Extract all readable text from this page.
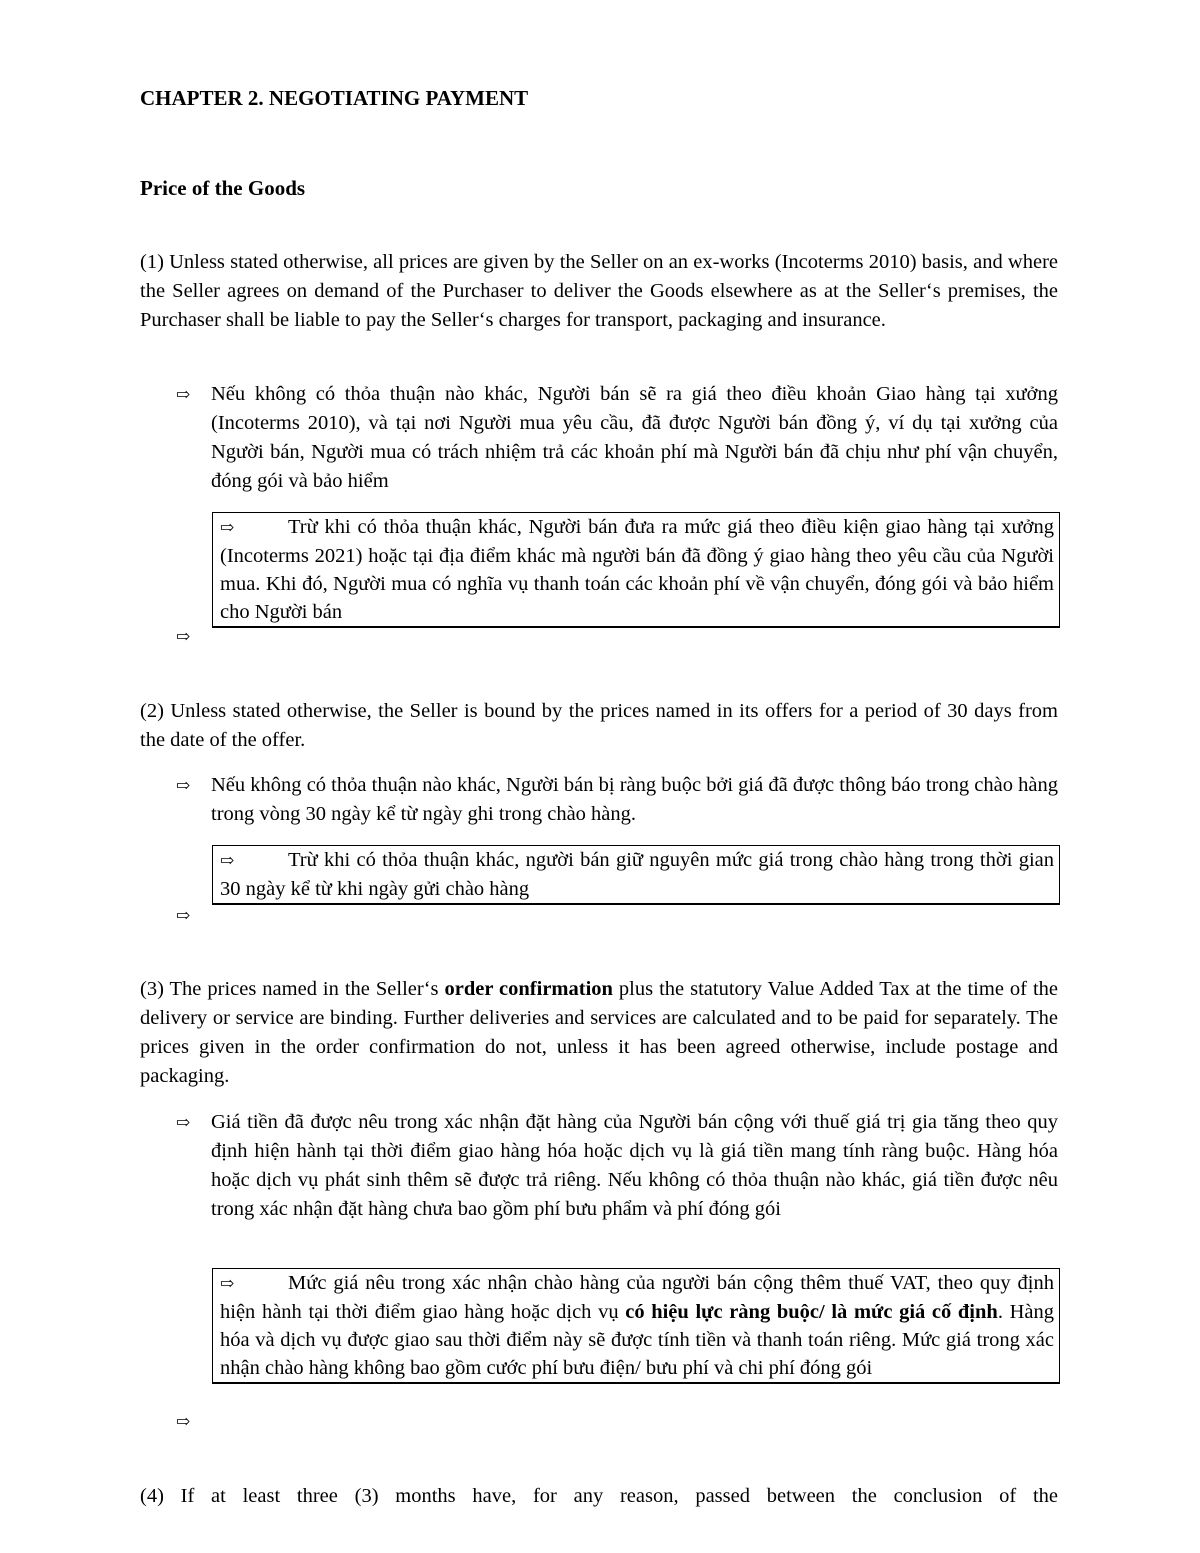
CHAPTER 2. NEGOTIATING PAYMENT
Price of the Goods

(1) Unless stated otherwise, all prices are given by the Seller on an ex-works (Incoterms 2010) basis, and where the Seller agrees on demand of the Purchaser to deliver the Goods elsewhere as at the Seller‘s premises, the Purchaser shall be liable to pay the Seller‘s charges for transport, packaging and insurance.

⇨	Nếu không có thỏa thuận nào khác, Người bán sẽ ra giá theo điều khoản Giao hàng tại xưởng (Incoterms 2010), và tại nơi Người mua yêu cầu, đã được Người bán đồng ý, ví dụ tại xưởng của Người bán, Người mua có trách nhiệm trả các khoản phí mà Người bán đã chịu như phí vận chuyển, đóng gói và bảo hiểm
⇨	Trừ khi có thỏa thuận khác, Người bán đưa ra mức giá theo điều kiện giao hàng tại xưởng (Incoterms 2021) hoặc tại địa điểm khác mà người bán đã đồng ý giao hàng theo yêu cầu của Người mua. Khi đó, Người mua có nghĩa vụ thanh toán các khoản phí về vận chuyển, đóng gói và bảo hiểm cho Người bán
⇨

(2) Unless stated otherwise, the Seller is bound by the prices named in its offers for a period of 30 days from the date of the offer.

⇨	Nếu không có thỏa thuận nào khác, Người bán bị ràng buộc bởi giá đã được thông báo trong chào hàng trong vòng 30 ngày kể từ ngày ghi trong chào hàng.
⇨	Trừ khi có thỏa thuận khác, người bán giữ nguyên mức giá trong chào hàng trong thời gian 30 ngày kể từ khi ngày gửi chào hàng
⇨

(3) The prices named in the Seller‘s order confirmation plus the statutory Value Added Tax at the time of the delivery or service are binding. Further deliveries and services are calculated and to be paid for separately. The prices given in the order confirmation do not, unless it has been agreed otherwise, include postage and packaging.

⇨	Giá tiền đã được nêu trong xác nhận đặt hàng của Người bán cộng với thuế giá trị gia tăng theo quy định hiện hành tại thời điểm giao hàng hóa hoặc dịch vụ là giá tiền mang tính ràng buộc. Hàng hóa hoặc dịch vụ phát sinh thêm sẽ được trả riêng. Nếu không có thỏa thuận nào khác, giá tiền được nêu trong xác nhận đặt hàng chưa bao gồm phí bưu phẩm và phí đóng gói
⇨	Mức giá nêu trong xác nhận chào hàng của người bán cộng thêm thuế VAT, theo quy định hiện hành tại thời điểm giao hàng hoặc dịch vụ có hiệu lực ràng buộc/ là mức giá cố định. Hàng hóa và dịch vụ được giao sau thời điểm này sẽ được tính tiền và thanh toán riêng. Mức giá trong xác nhận chào hàng không bao gồm cước phí bưu điện/ bưu phí và chi phí đóng gói
⇨

(4) If at least three (3) months have, for any reason, passed between the conclusion of the
